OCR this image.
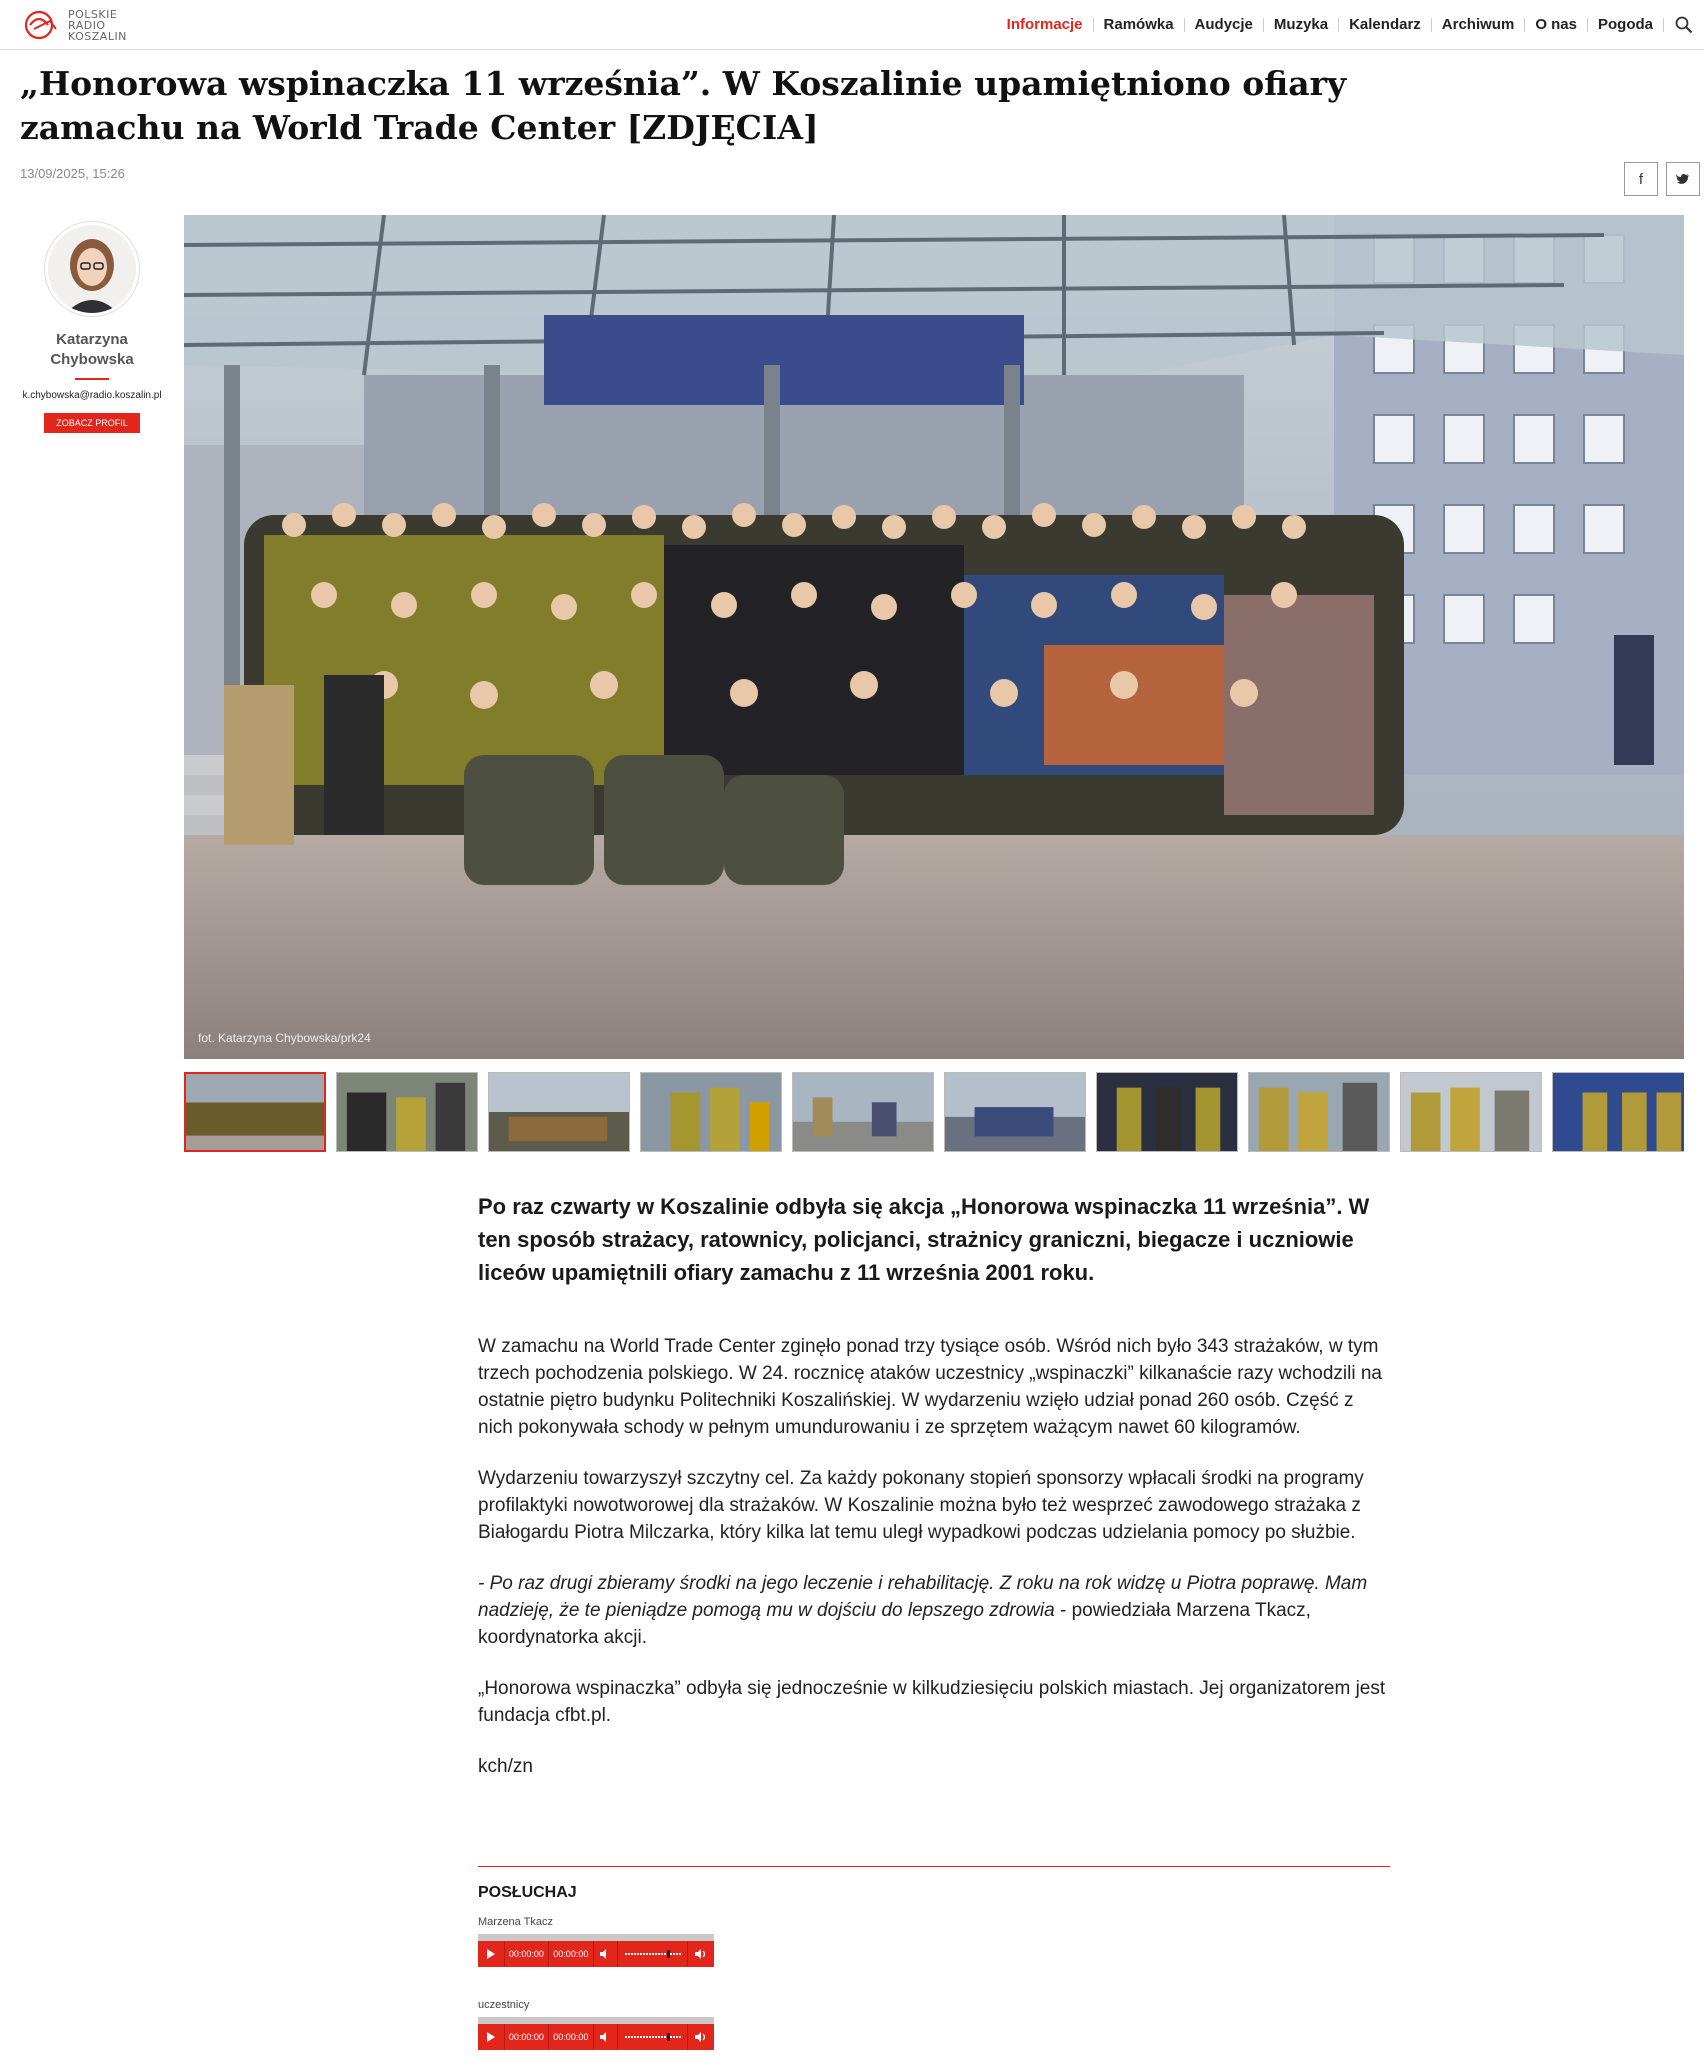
POLSKIE
RADIO
KOSZALIN
Informacje	Ramówka	Audycje	Muzyka	Kalendarz	Archiwum	O nas	Pogoda
„Honorowa wspinaczka 11 września”. W Koszalinie upamiętniono ofiary zamachu na World Trade Center [ZDJĘCIA]
13/09/2025, 15:26	f
Katarzyna Chybowska
k.chybowska@radio.koszalin.pl
ZOBACZ PROFIL
fot. Katarzyna Chybowska/prk24
Po raz czwarty w Koszalinie odbyła się akcja „Honorowa wspinaczka 11 września”. W ten sposób strażacy, ratownicy, policjanci, strażnicy graniczni, biegacze i uczniowie liceów upamiętnili ofiary zamachu z 11 września 2001 roku.

W zamachu na World Trade Center zginęło ponad trzy tysiące osób. Wśród nich było 343 strażaków, w tym trzech pochodzenia polskiego. W 24. rocznicę ataków uczestnicy „wspinaczki” kilkanaście razy wchodzili na ostatnie piętro budynku Politechniki Koszalińskiej. W wydarzeniu wzięło udział ponad 260 osób. Część z nich pokonywała schody w pełnym umundurowaniu i ze sprzętem ważącym nawet 60 kilogramów.

Wydarzeniu towarzyszył szczytny cel. Za każdy pokonany stopień sponsorzy wpłacali środki na programy profilaktyki nowotworowej dla strażaków. W Koszalinie można było też wesprzeć zawodowego strażaka z Białogardu Piotra Milczarka, który kilka lat temu uległ wypadkowi podczas udzielania pomocy po służbie.

- Po raz drugi zbieramy środki na jego leczenie i rehabilitację. Z roku na rok widzę u Piotra poprawę. Mam nadzieję, że te pieniądze pomogą mu w dojściu do lepszego zdrowia - powiedziała Marzena Tkacz, koordynatorka akcji.

„Honorowa wspinaczka” odbyła się jednocześnie w kilkudziesięciu polskich miastach. Jej organizatorem jest fundacja cfbt.pl.

kch/zn

POSŁUCHAJ
Marzena Tkacz
00:00:00	00:00:00
uczestnicy
00:00:00	00:00:00
